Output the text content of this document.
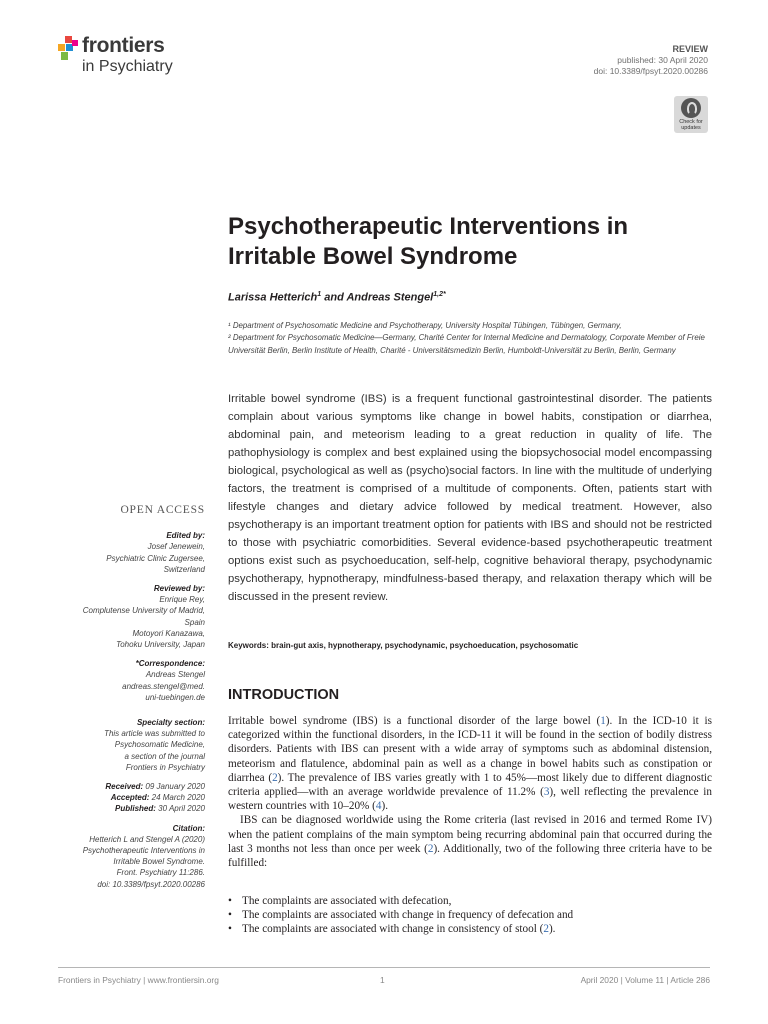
frontiers
in Psychiatry
REVIEW
published: 30 April 2020
doi: 10.3389/fpsyt.2020.00286
Check for updates
Psychotherapeutic Interventions in Irritable Bowel Syndrome
Larissa Hetterich$^1$ and Andreas Stengel$^{1,2*}$
¹ Department of Psychosomatic Medicine and Psychotherapy, University Hospital Tübingen, Tübingen, Germany,
² Department for Psychosomatic Medicine—Germany, Charité Center for Internal Medicine and Dermatology, Corporate Member of Freie Universität Berlin, Berlin Institute of Health, Charité - Universitätsmedizin Berlin, Humboldt-Universität zu Berlin, Berlin, Germany
Irritable bowel syndrome (IBS) is a frequent functional gastrointestinal disorder. The patients complain about various symptoms like change in bowel habits, constipation or diarrhea, abdominal pain, and meteorism leading to a great reduction in quality of life. The pathophysiology is complex and best explained using the biopsychosocial model encompassing biological, psychological as well as (psycho)social factors. In line with the multitude of underlying factors, the treatment is comprised of a multitude of components. Often, patients start with lifestyle changes and dietary advice followed by medical treatment. However, also psychotherapy is an important treatment option for patients with IBS and should not be restricted to those with psychiatric comorbidities. Several evidence-based psychotherapeutic treatment options exist such as psychoeducation, self-help, cognitive behavioral therapy, psychodynamic psychotherapy, hypnotherapy, mindfulness-based therapy, and relaxation therapy which will be discussed in the present review.
Keywords: brain-gut axis, hypnotherapy, psychodynamic, psychoeducation, psychosomatic
INTRODUCTION

Irritable bowel syndrome (IBS) is a functional disorder of the large bowel (1). In the ICD-10 it is categorized within the functional disorders, in the ICD-11 it will be found in the section of bodily distress disorders. Patients with IBS can present with a wide array of symptoms such as abdominal distension, meteorism and flatulence, abdominal pain as well as a change in bowel habits such as constipation or diarrhea (2). The prevalence of IBS varies greatly with 1 to 45%—most likely due to different diagnostic criteria applied—with an average worldwide prevalence of 11.2% (3), well reflecting the prevalence in western countries with 10–20% (4).

IBS can be diagnosed worldwide using the Rome criteria (last revised in 2016 and termed Rome IV) when the patient complains of the main symptom being recurring abdominal pain that occurred during the last 3 months not less than once per week (2). Additionally, two of the following three criteria have to be fulfilled:

• The complaints are associated with defecation,
• The complaints are associated with change in frequency of defecation and
• The complaints are associated with change in consistency of stool (2).
OPEN ACCESS
Edited by:
Josef Jenewein,
Psychiatric Clinic Zugersee,
Switzerland
Reviewed by:
Enrique Rey,
Complutense University of Madrid,
Spain
Motoyori Kanazawa,
Tohoku University, Japan
*Correspondence:
Andreas Stengel
andreas.stengel@med.
uni-tuebingen.de
Specialty section:
This article was submitted to
Psychosomatic Medicine,
a section of the journal
Frontiers in Psychiatry
Received: 09 January 2020
Accepted: 24 March 2020
Published: 30 April 2020
Citation:
Hetterich L and Stengel A (2020)
Psychotherapeutic Interventions in
Irritable Bowel Syndrome.
Front. Psychiatry 11:286.
doi: 10.3389/fpsyt.2020.00286
Frontiers in Psychiatry | www.frontiersin.org	1	April 2020 | Volume 11 | Article 286
